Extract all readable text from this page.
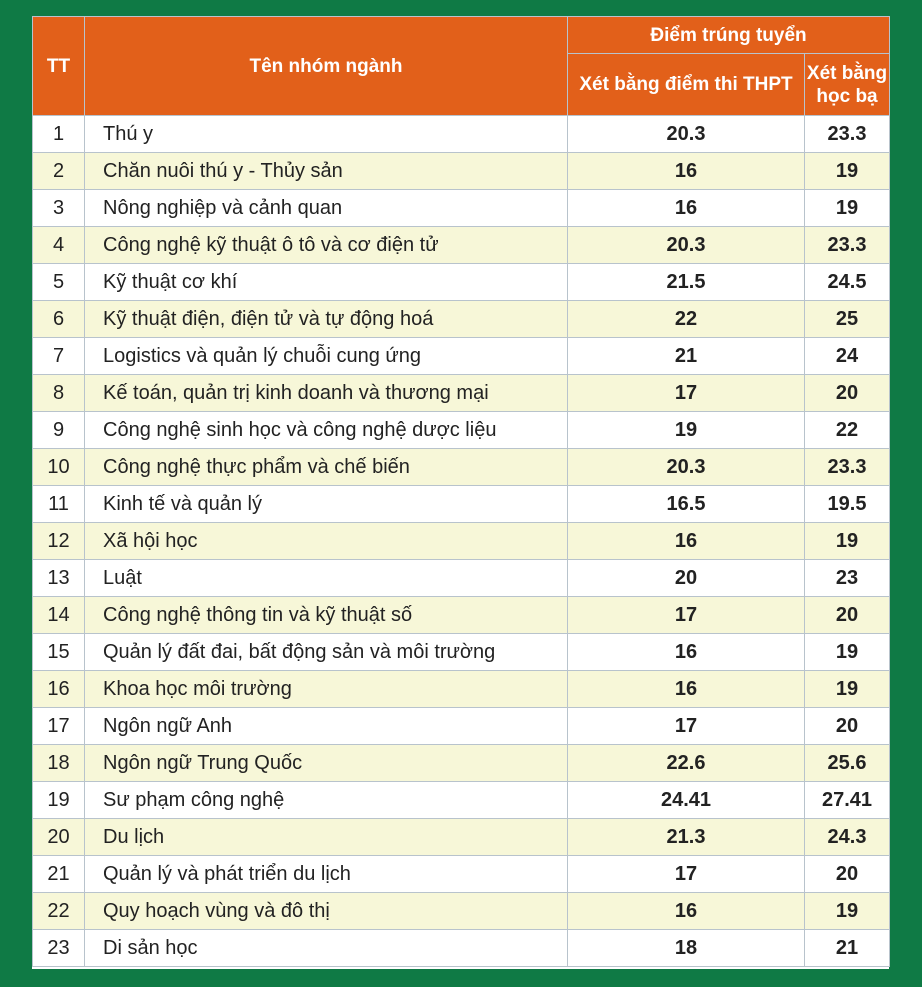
TT	Tên nhóm ngành	Điểm trúng tuyển	
		Xét bằng điểm thi THPT	Xét bằng học bạ
1	Thú y	20.3	23.3
2	Chăn nuôi thú y - Thủy sản	16	19
3	Nông nghiệp và cảnh quan	16	19
4	Công nghệ kỹ thuật ô tô và cơ điện tử	20.3	23.3
5	Kỹ thuật cơ khí	21.5	24.5
6	Kỹ thuật điện, điện tử và tự động hoá	22	25
7	Logistics và quản lý chuỗi cung ứng	21	24
8	Kế toán, quản trị kinh doanh và thương mại	17	20
9	Công nghệ sinh học và công nghệ dược liệu	19	22
10	Công nghệ thực phẩm và chế biến	20.3	23.3
11	Kinh tế và quản lý	16.5	19.5
12	Xã hội học	16	19
13	Luật	20	23
14	Công nghệ thông tin và kỹ thuật số	17	20
15	Quản lý đất đai, bất động sản và môi trường	16	19
16	Khoa học môi trường	16	19
17	Ngôn ngữ Anh	17	20
18	Ngôn ngữ Trung Quốc	22.6	25.6
19	Sư phạm công nghệ	24.41	27.41
20	Du lịch	21.3	24.3
21	Quản lý và phát triển du lịch	17	20
22	Quy hoạch vùng và đô thị	16	19
23	Di sản học	18	21
